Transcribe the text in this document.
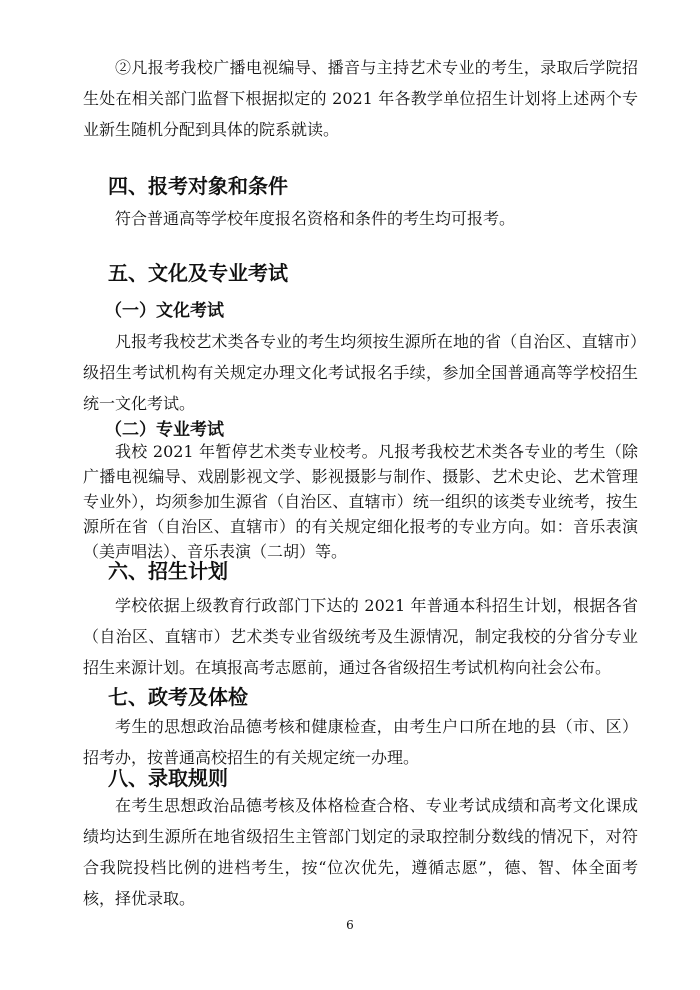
②凡报考我校广播电视编导、播音与主持艺术专业的考生，录取后学院招生处在相关部门监督下根据拟定的 2021 年各教学单位招生计划将上述两个专业新生随机分配到具体的院系就读。

四、报考对象和条件

符合普通高等学校年度报名资格和条件的考生均可报考。

五、文化及专业考试
（一）文化考试

凡报考我校艺术类各专业的考生均须按生源所在地的省（自治区、直辖市）级招生考试机构有关规定办理文化考试报名手续，参加全国普通高等学校招生统一文化考试。

（二）专业考试

我校 2021 年暂停艺术类专业校考。凡报考我校艺术类各专业的考生（除广播电视编导、戏剧影视文学、影视摄影与制作、摄影、艺术史论、艺术管理专业外），均须参加生源省（自治区、直辖市）统一组织的该类专业统考，按生源所在省（自治区、直辖市）的有关规定细化报考的专业方向。如：音乐表演（美声唱法）、音乐表演（二胡）等。

六、招生计划

学校依据上级教育行政部门下达的 2021 年普通本科招生计划，根据各省（自治区、直辖市）艺术类专业省级统考及生源情况，制定我校的分省分专业招生来源计划。在填报高考志愿前，通过各省级招生考试机构向社会公布。

七、政考及体检

考生的思想政治品德考核和健康检查，由考生户口所在地的县（市、区）招考办，按普通高校招生的有关规定统一办理。

八、录取规则

在考生思想政治品德考核及体格检查合格、专业考试成绩和高考文化课成绩均达到生源所在地省级招生主管部门划定的录取控制分数线的情况下，对符合我院投档比例的进档考生，按“位次优先，遵循志愿”，德、智、体全面考核，择优录取。

6
